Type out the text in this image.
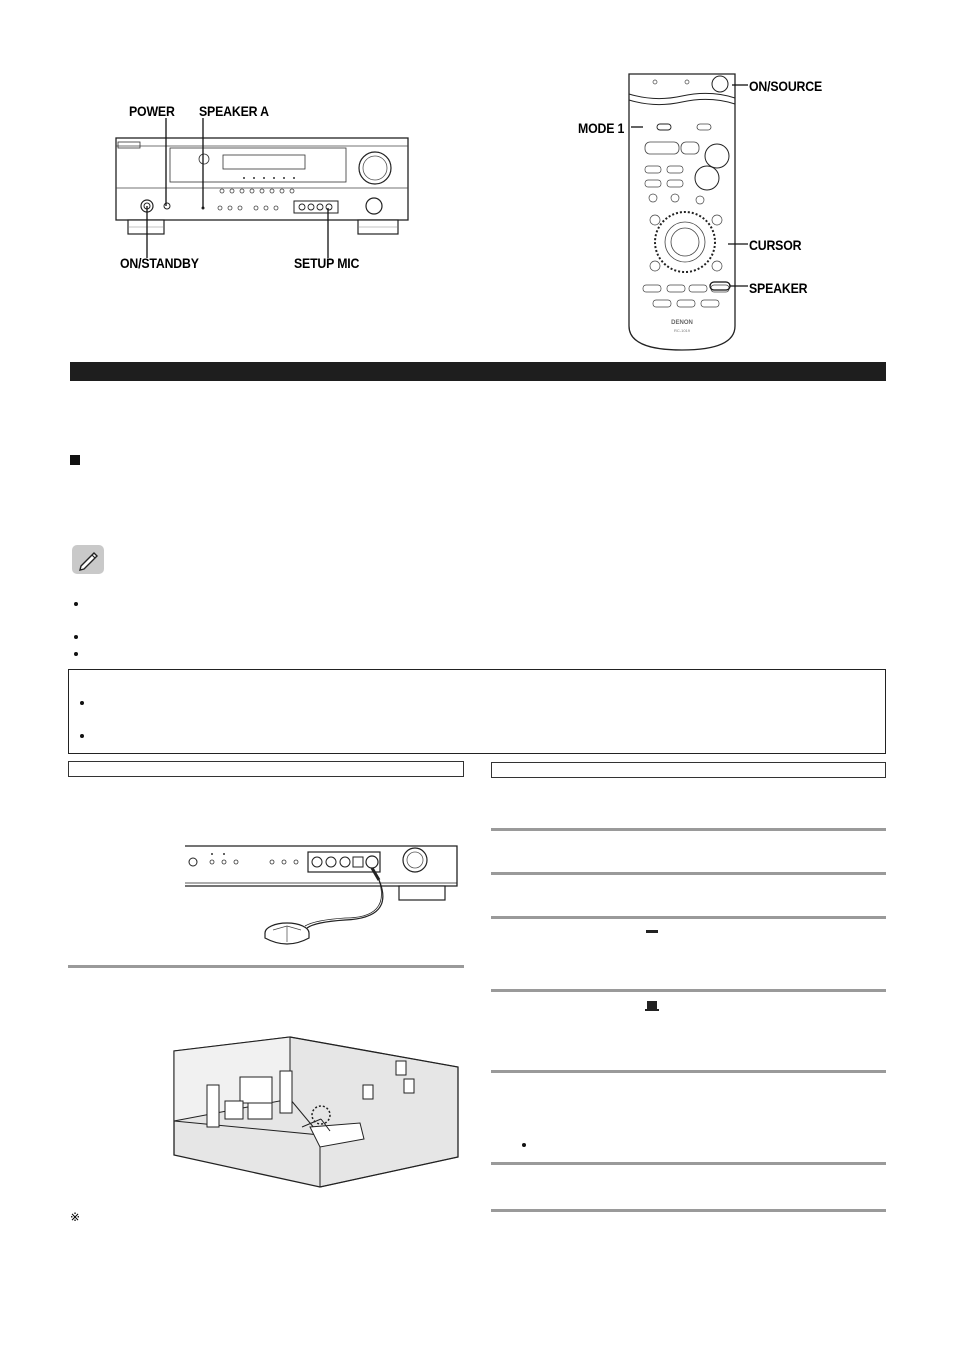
POWER SPEAKER A
ON/STANDBY	SETUP MIC
DENON
RC-1019
ON/SOURCE
MODE 1
CURSOR
SPEAKER
※
